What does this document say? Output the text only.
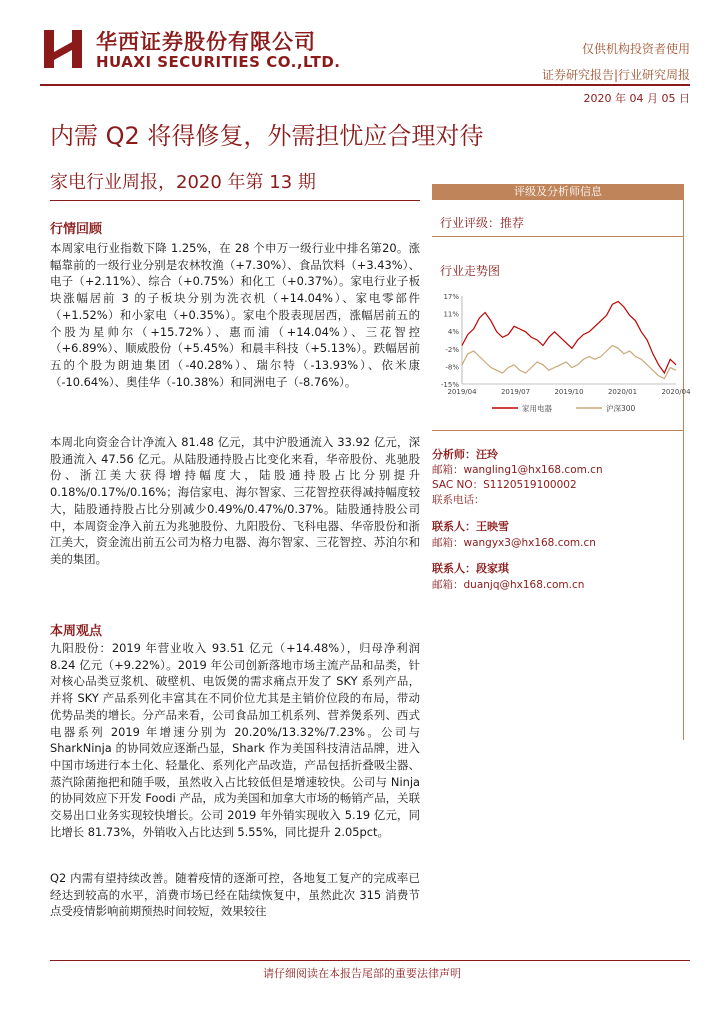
华西证券股份有限公司
HUAXI SECURITIES CO.,LTD.
仅供机构投资者使用
证券研究报告|行业研究周报
2020 年 04 月 05 日
内需 Q2 将得修复，外需担忧应合理对待
家电行业周报，2020 年第 13 期
行情回顾
本周家电行业指数下降 1.25%，在 28 个申万一级行业中排名第20。涨幅靠前的一级行业分别是农林牧渔（+7.30%）、食品饮料（+3.43%）、电子（+2.11%）、综合（+0.75%）和化工（+0.37%）。家电行业子板块涨幅居前 3 的子板块分别为洗衣机（+14.04%）、家电零部件（+1.52%）和小家电（+0.35%）。家电个股表现居西，涨幅居前五的个股为星帅尔（+15.72%）、惠而浦（+14.04%）、三花智控（+6.89%）、顺威股份（+5.45%）和晨丰科技（+5.13%）。跌幅居前五的个股为朗迪集团（-40.28%）、瑞尔特（-13.93%）、依米康（-10.64%）、奥佳华（-10.38%）和同洲电子（-8.76%）。
本周北向资金合计净流入 81.48 亿元，其中沪股通流入 33.92 亿元，深股通流入 47.56 亿元。从陆股通持股占比变化来看，华帝股份、兆驰股份、浙江美大获得增持幅度大，陆股通持股占比分别提升 0.18%/0.17%/0.16%；海信家电、海尔智家、三花智控获得减持幅度较大，陆股通持股占比分别减少0.49%/0.47%/0.37%。陆股通持股公司中，本周资金净入前五为兆驰股份、九阳股份、飞科电器、华帝股份和浙江美大，资金流出前五公司为格力电器、海尔智家、三花智控、苏泊尔和美的集团。
本周观点
九阳股份：2019 年营业收入 93.51 亿元（+14.48%），归母净利润 8.24 亿元（+9.22%）。2019 年公司创新落地市场主流产品和品类，针对核心品类豆浆机、破壁机、电饭煲的需求痛点开发了 SKY 系列产品，并将 SKY 产品系列化丰富其在不同价位尤其是主销价位段的布局，带动优势品类的增长。分产品来看，公司食品加工机系列、营养煲系列、西式电器系列 2019 年增速分别为 20.20%/13.32%/7.23%。公司与 SharkNinja 的协同效应逐渐凸显，Shark 作为美国科技清洁品牌，进入中国市场进行本土化、轻量化、系列化产品改造，产品包括折叠吸尘器、蒸汽除菌拖把和随手吸，虽然收入占比较低但是增速较快。公司与 Ninja 的协同效应下开发 Foodi 产品，成为美国和加拿大市场的畅销产品，关联交易出口业务实现较快增长。公司 2019 年外销实现收入 5.19 亿元，同比增长 81.73%，外销收入占比达到 5.55%，同比提升 2.05pct。
Q2 内需有望持续改善。随着疫情的逐渐可控，各地复工复产的完成率已经达到较高的水平，消费市场已经在陆续恢复中，虽然此次 315 消费节点受疫情影响前期预热时间较短，效果较往
评级及分析师信息
行业评级：推荐
行业走势图
17%
11%
4%
-2%
-8%
-15%
2019/04	2019/07	2019/10	2020/01	2020/04
家用电器	沪深300
分析师：汪玲
邮箱：wangling1@hx168.com.cn
SAC NO：S1120519100002
联系电话：
联系人：王映雪
邮箱：wangyx3@hx168.com.cn
联系人：段家琪
邮箱：duanjq@hx168.com.cn
请仔细阅读在本报告尾部的重要法律声明
